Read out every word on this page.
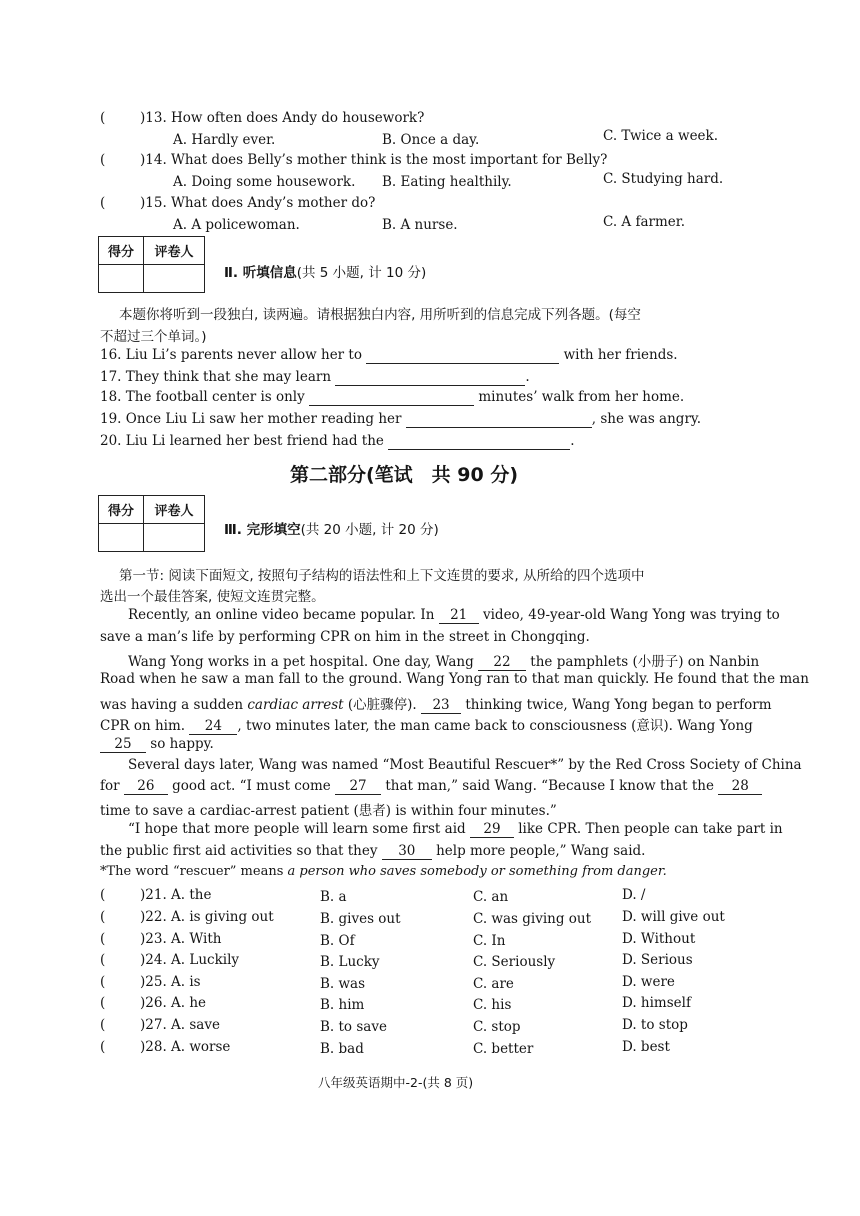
(	)13. How often does Andy do housework?
A. Hardly ever.	B. Once a day.	C. Twice a week.
(	)14. What does Belly’s mother think is the most important for Belly?
A. Doing some housework. B. Eating healthily.	C. Studying hard.
(	)15. What does Andy’s mother do?
A. A policewoman.	B. A nurse.	C. A farmer.
得分	评卷人

Ⅱ. 听填信息(共 5 小题, 计 10 分)
本题你将听到一段独白, 读两遍。请根据独白内容, 用所听到的信息完成下列各题。(每空
不超过三个单词。)
16. Liu Li’s parents never allow her to	with her friends.
17. They think that she may learn	.
18. The football center is only	minutes’ walk from her home.
19. Once Liu Li saw her mother reading her	, she was angry.
20. Liu Li learned her best friend had the	.
第二部分(笔试　共 90 分)
得分	评卷人

Ⅲ. 完形填空(共 20 小题, 计 20 分)
第一节: 阅读下面短文, 按照句子结构的语法性和上下文连贯的要求, 从所给的四个选项中
选出一个最佳答案, 使短文连贯完整。
Recently, an online video became popular. In 21 video, 49-year-old Wang Yong was trying to
save a man’s life by performing CPR on him in the street in Chongqing.
Wang Yong works in a pet hospital. One day, Wang 22 the pamphlets (小册子) on Nanbin
Road when he saw a man fall to the ground. Wang Yong ran to that man quickly. He found that the man
was having a sudden cardiac arrest (心脏骤停). 23 thinking twice, Wang Yong began to perform
CPR on him. 24 , two minutes later, the man came back to consciousness (意识). Wang Yong
25 so happy.
Several days later, Wang was named “Most Beautiful Rescuer*” by the Red Cross Society of China
for 26 good act. “I must come 27 that man,” said Wang. “Because I know that the 28
time to save a cardiac-arrest patient (患者) is within four minutes.”
“I hope that more people will learn some first aid 29 like CPR. Then people can take part in
the public first aid activities so that they 30 help more people,” Wang said.
*The word “rescuer” means a person who saves somebody or something from danger.
(	)21. A. the	B. a	C. an	D. /
(	)22. A. is giving out	B. gives out	C. was giving out D. will give out
(	)23. A. With	B. Of	C. In	D. Without
(	)24. A. Luckily	B. Lucky	C. Seriously	D. Serious
(	)25. A. is	B. was	C. are	D. were
(	)26. A. he	B. him	C. his	D. himself
(	)27. A. save	B. to save	C. stop	D. to stop
(	)28. A. worse	B. bad	C. better	D. best
八年级英语期中-2-(共 8 页)
